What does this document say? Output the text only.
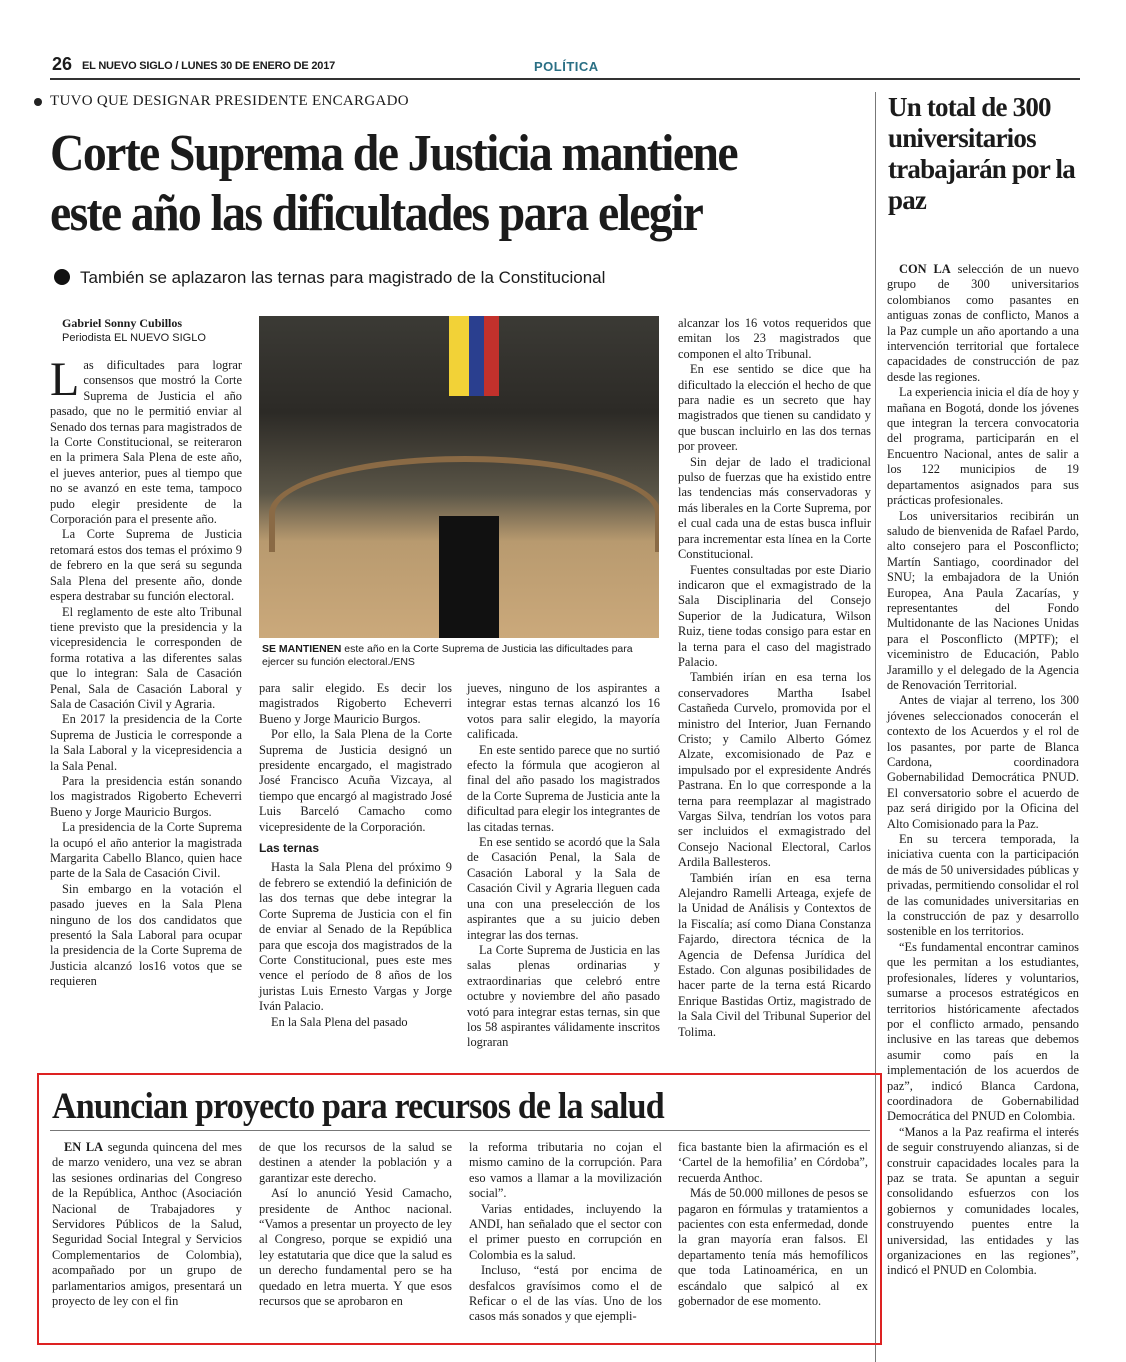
26 EL NUEVO SIGLO / LUNES 30 DE ENERO DE 2017	POLÍTICA
TUVO QUE DESIGNAR PRESIDENTE ENCARGADO
Corte Suprema de Justicia mantiene este año las dificultades para elegir
También se aplazaron las ternas para magistrado de la Constitucional
Gabriel Sonny Cubillos
Periodista EL NUEVO SIGLO

Las dificultades para lograr consensos que mostró la Corte Suprema de Justicia el año pasado, que no le permitió enviar al Senado dos ternas para magistrados de la Corte Constitucional, se reiteraron en la primera Sala Plena de este año, el jueves anterior, pues al tiempo que no se avanzó en este tema, tampoco pudo elegir presidente de la Corporación para el presente año.

La Corte Suprema de Justicia retomará estos dos temas el próximo 9 de febrero en la que será su segunda Sala Plena del presente año, donde espera destrabar su función electoral.

El reglamento de este alto Tribunal tiene previsto que la presidencia y la vicepresidencia le corresponden de forma rotativa a las diferentes salas que lo integran: Sala de Casación Penal, Sala de Casación Laboral y Sala de Casación Civil y Agraria.

En 2017 la presidencia de la Corte Suprema de Justicia le corresponde a la Sala Laboral y la vicepresidencia a la Sala Penal.

Para la presidencia están sonando los magistrados Rigoberto Echeverri Bueno y Jorge Mauricio Burgos.

La presidencia de la Corte Suprema la ocupó el año anterior la magistrada Margarita Cabello Blanco, quien hace parte de la Sala de Casación Civil.

Sin embargo en la votación el pasado jueves en la Sala Plena ninguno de los dos candidatos que presentó la Sala Laboral para ocupar la presidencia de la Corte Suprema de Justicia alcanzó los16 votos que se requieren

SE MANTIENEN este año en la Corte Suprema de Justicia las dificultades para ejercer su función electoral./ENS

para salir elegido. Es decir los magistrados Rigoberto Echeverri Bueno y Jorge Mauricio Burgos.

Por ello, la Sala Plena de la Corte Suprema de Justicia designó un presidente encargado, el magistrado José Francisco Acuña Vizcaya, al tiempo que encargó al magistrado José Luis Barceló Camacho como vicepresidente de la Corporación.

Las ternas

Hasta la Sala Plena del próximo 9 de febrero se extendió la definición de las dos ternas que debe integrar la Corte Suprema de Justicia con el fin de enviar al Senado de la República para que escoja dos magistrados de la Corte Constitucional, pues este mes vence el período de 8 años de los juristas Luis Ernesto Vargas y Jorge Iván Palacio.

En la Sala Plena del pasado

jueves, ninguno de los aspirantes a integrar estas ternas alcanzó los 16 votos para salir elegido, la mayoría calificada.

En este sentido parece que no surtió efecto la fórmula que acogieron al final del año pasado los magistrados de la Corte Suprema de Justicia ante la dificultad para elegir los integrantes de las citadas ternas.

En ese sentido se acordó que la Sala de Casación Penal, la Sala de Casación Laboral y la Sala de Casación Civil y Agraria lleguen cada una con una preselección de los aspirantes que a su juicio deben integrar las dos ternas.

La Corte Suprema de Justicia en las salas plenas ordinarias y extraordinarias que celebró entre octubre y noviembre del año pasado votó para integrar estas ternas, sin que los 58 aspirantes válidamente inscritos lograran

alcanzar los 16 votos requeridos que emitan los 23 magistrados que componen el alto Tribunal.

En ese sentido se dice que ha dificultado la elección el hecho de que para nadie es un secreto que hay magistrados que tienen su candidato y que buscan incluirlo en las dos ternas por proveer.

Sin dejar de lado el tradicional pulso de fuerzas que ha existido entre las tendencias más conservadoras y más liberales en la Corte Suprema, por el cual cada una de estas busca influir para incrementar esta línea en la Corte Constitucional.

Fuentes consultadas por este Diario indicaron que el exmagistrado de la Sala Disciplinaria del Consejo Superior de la Judicatura, Wilson Ruiz, tiene todas consigo para estar en la terna para el caso del magistrado Palacio.

También irían en esa terna los conservadores Martha Isabel Castañeda Curvelo, promovida por el ministro del Interior, Juan Fernando Cristo; y Camilo Alberto Gómez Alzate, excomisionado de Paz e impulsado por el expresidente Andrés Pastrana. En lo que corresponde a la terna para reemplazar al magistrado Vargas Silva, tendrían los votos para ser incluidos el exmagistrado del Consejo Nacional Electoral, Carlos Ardila Ballesteros.

También irían en esa terna Alejandro Ramelli Arteaga, exjefe de la Unidad de Análisis y Contextos de la Fiscalía; así como Diana Constanza Fajardo, directora técnica de la Agencia de Defensa Jurídica del Estado. Con algunas posibilidades de hacer parte de la terna está Ricardo Enrique Bastidas Ortiz, magistrado de la Sala Civil del Tribunal Superior del Tolima.

Un total de 300 universitarios trabajarán por la paz

CON LA selección de un nuevo grupo de 300 universitarios colombianos como pasantes en antiguas zonas de conflicto, Manos a la Paz cumple un año aportando a una intervención territorial que fortalece capacidades de construcción de paz desde las regiones.

La experiencia inicia el día de hoy y mañana en Bogotá, donde los jóvenes que integran la tercera convocatoria del programa, participarán en el Encuentro Nacional, antes de salir a los 122 municipios de 19 departamentos asignados para sus prácticas profesionales.

Los universitarios recibirán un saludo de bienvenida de Rafael Pardo, alto consejero para el Posconflicto; Martín Santiago, coordinador del SNU; la embajadora de la Unión Europea, Ana Paula Zacarías, y representantes del Fondo Multidonante de las Naciones Unidas para el Posconflicto (MPTF); el viceministro de Educación, Pablo Jaramillo y el delegado de la Agencia de Renovación Territorial.

Antes de viajar al terreno, los 300 jóvenes seleccionados conocerán el contexto de los Acuerdos y el rol de los pasantes, por parte de Blanca Cardona, coordinadora Gobernabilidad Democrática PNUD. El conversatorio sobre el acuerdo de paz será dirigido por la Oficina del Alto Comisionado para la Paz.

En su tercera temporada, la iniciativa cuenta con la participación de más de 50 universidades públicas y privadas, permitiendo consolidar el rol de las comunidades universitarias en la construcción de paz y desarrollo sostenible en los territorios.

“Es fundamental encontrar caminos que les permitan a los estudiantes, profesionales, líderes y voluntarios, sumarse a procesos estratégicos en territorios históricamente afectados por el conflicto armado, pensando inclusive en las tareas que debemos asumir como país en la implementación de los acuerdos de paz”, indicó Blanca Cardona, coordinadora de Gobernabilidad Democrática del PNUD en Colombia.

“Manos a la Paz reafirma el interés de seguir construyendo alianzas, si de construir capacidades locales para la paz se trata. Se apuntan a seguir consolidando esfuerzos con los gobiernos y comunidades locales, construyendo puentes entre la universidad, las entidades y las organizaciones en las regiones”, indicó el PNUD en Colombia.

Anuncian proyecto para recursos de la salud

EN LA segunda quincena del mes de marzo venidero, una vez se abran las sesiones ordinarias del Congreso de la República, Anthoc (Asociación Nacional de Trabajadores y Servidores Públicos de la Salud, Seguridad Social Integral y Servicios Complementarios de Colombia), acompañado por un grupo de parlamentarios amigos, presentará un proyecto de ley con el fin

de que los recursos de la salud se destinen a atender la población y a garantizar este derecho.

Así lo anunció Yesid Camacho, presidente de Anthoc nacional. “Vamos a presentar un proyecto de ley al Congreso, porque se expidió una ley estatutaria que dice que la salud es un derecho fundamental pero se ha quedado en letra muerta. Y que esos recursos que se aprobaron en

la reforma tributaria no cojan el mismo camino de la corrupción. Para eso vamos a llamar a la movilización social”.

Varias entidades, incluyendo la ANDI, han señalado que el sector con el primer puesto en corrupción en Colombia es la salud.

Incluso, “está por encima de desfalcos gravísimos como el de Reficar o el de las vías. Uno de los casos más sonados y que ejempli-

fica bastante bien la afirmación es el ‘Cartel de la hemofilia’ en Córdoba”, recuerda Anthoc.

Más de 50.000 millones de pesos se pagaron en fórmulas y tratamientos a pacientes con esta enfermedad, donde la gran mayoría eran falsos. El departamento tenía más hemofílicos que toda Latinoamérica, en un escándalo que salpicó al ex gobernador de ese momento.
